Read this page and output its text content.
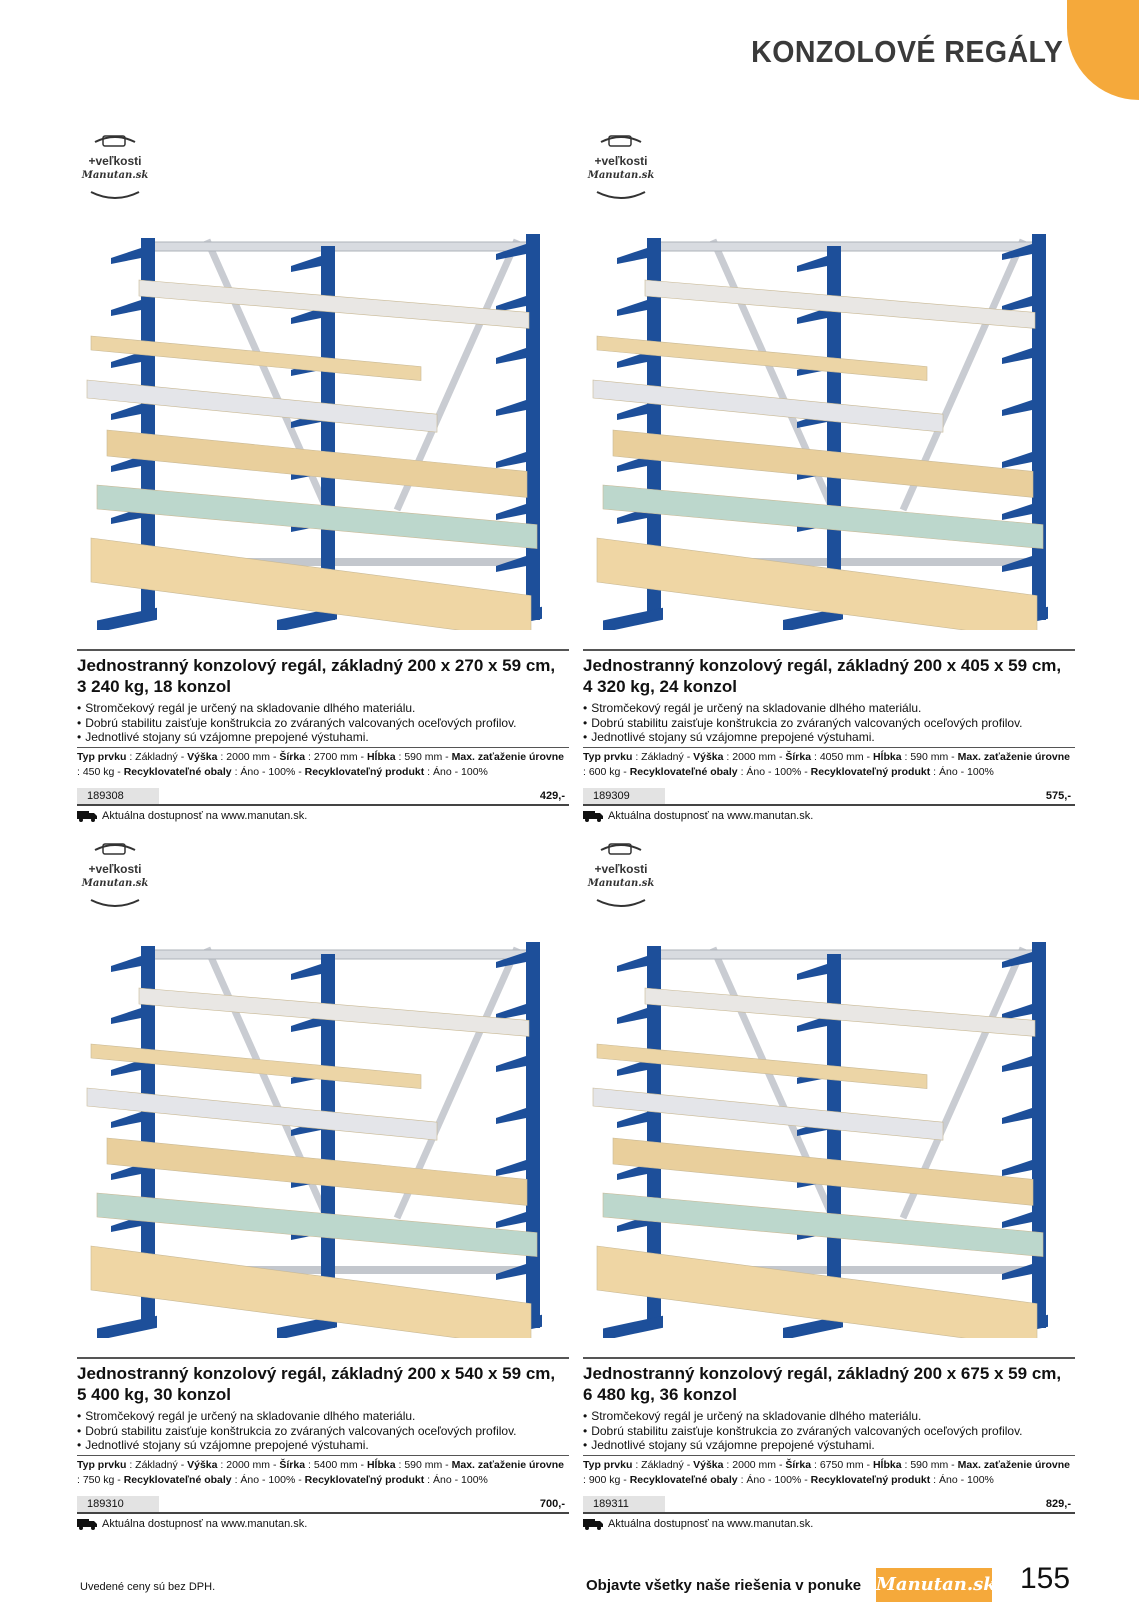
KONZOLOVÉ REGÁLY
+veľkosti
Manutan.sk
Jednostranný konzolový regál, základný 200 x 270 x 59 cm, 3 240 kg, 18 konzol
• Stromčekový regál je určený na skladovanie dlhého materiálu.
• Dobrú stabilitu zaisťuje konštrukcia zo zváraných valcovaných oceľových profilov.
• Jednotlivé stojany sú vzájomne prepojené výstuhami.
Typ prvku : Základný - Výška : 2000 mm - Šírka : 2700 mm - Hĺbka : 590 mm - Max. zaťaženie úrovne : 450 kg - Recyklovateľné obaly : Áno - 100% - Recyklovateľný produkt : Áno - 100%
189308	429,-
Aktuálna dostupnosť na www.manutan.sk.
+veľkosti
Manutan.sk
Jednostranný konzolový regál, základný 200 x 405 x 59 cm, 4 320 kg, 24 konzol
• Stromčekový regál je určený na skladovanie dlhého materiálu.
• Dobrú stabilitu zaisťuje konštrukcia zo zváraných valcovaných oceľových profilov.
• Jednotlivé stojany sú vzájomne prepojené výstuhami.
Typ prvku : Základný - Výška : 2000 mm - Šírka : 4050 mm - Hĺbka : 590 mm - Max. zaťaženie úrovne : 600 kg - Recyklovateľné obaly : Áno - 100% - Recyklovateľný produkt : Áno - 100%
189309	575,-
Aktuálna dostupnosť na www.manutan.sk.
+veľkosti
Manutan.sk
Jednostranný konzolový regál, základný 200 x 540 x 59 cm, 5 400 kg, 30 konzol
• Stromčekový regál je určený na skladovanie dlhého materiálu.
• Dobrú stabilitu zaisťuje konštrukcia zo zváraných valcovaných oceľových profilov.
• Jednotlivé stojany sú vzájomne prepojené výstuhami.
Typ prvku : Základný - Výška : 2000 mm - Šírka : 5400 mm - Hĺbka : 590 mm - Max. zaťaženie úrovne : 750 kg - Recyklovateľné obaly : Áno - 100% - Recyklovateľný produkt : Áno - 100%
189310	700,-
Aktuálna dostupnosť na www.manutan.sk.
+veľkosti
Manutan.sk
Jednostranný konzolový regál, základný 200 x 675 x 59 cm, 6 480 kg, 36 konzol
• Stromčekový regál je určený na skladovanie dlhého materiálu.
• Dobrú stabilitu zaisťuje konštrukcia zo zváraných valcovaných oceľových profilov.
• Jednotlivé stojany sú vzájomne prepojené výstuhami.
Typ prvku : Základný - Výška : 2000 mm - Šírka : 6750 mm - Hĺbka : 590 mm - Max. zaťaženie úrovne : 900 kg - Recyklovateľné obaly : Áno - 100% - Recyklovateľný produkt : Áno - 100%
189311	829,-
Aktuálna dostupnosť na www.manutan.sk.
Uvedené ceny sú bez DPH.	Objavte všetky naše riešenia v ponuke Manutan.sk 155
